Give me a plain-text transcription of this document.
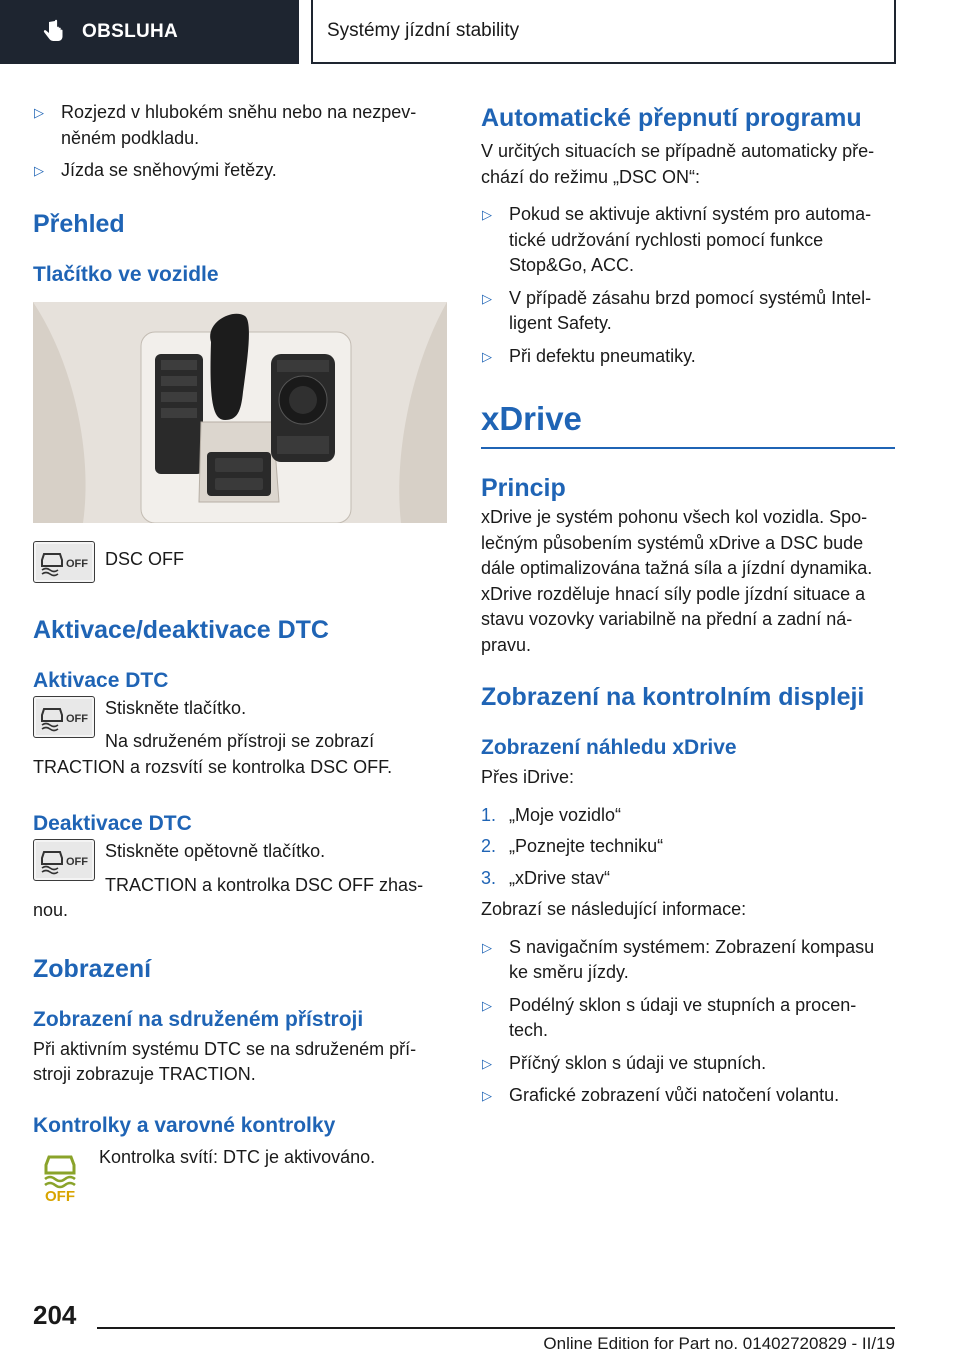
OBSLUHA	Systémy jízdní stability
▷ Rozjezd v hlubokém sněhu nebo na nezpev‐něném podkladu.
▷ Jízda se sněhovými řetězy.
Přehled
Tlačítko ve vozidle
OFF DSC OFF
Aktivace/deaktivace DTC
Aktivace DTC
OFF

Stiskněte tlačítko.

Na sdruženém přístroji se zobrazí

TRACTION a rozsvítí se kontrolka DSC OFF.

Deaktivace DTC
OFF

Stiskněte opětovně tlačítko.

TRACTION a kontrolka DSC OFF zhas‐

nou.

Zobrazení
Zobrazení na sdruženém přístroji

Při aktivním systému DTC se na sdruženém pří‐stroji zobrazuje TRACTION.

Kontrolky a varovné kontrolky
OFF

Kontrolka svítí: DTC je aktivováno.

Automatické přepnutí programu

V určitých situacích se případně automaticky pře‐chází do režimu „DSC ON“:

▷ Pokud se aktivuje aktivní systém pro automa‐tické udržování rychlosti pomocí funkce Stop&Go, ACC.
▷ V případě zásahu brzd pomocí systémů Intel‐ligent Safety.
▷ Při defektu pneumatiky.
xDrive
Princip

xDrive je systém pohonu všech kol vozidla. Spo‐lečným působením systémů xDrive a DSC bude dále optimalizována tažná síla a jízdní dynamika. xDrive rozděluje hnací síly podle jízdní situace a stavu vozovky variabilně na přední a zadní ná‐pravu.

Zobrazení na kontrolním displeji
Zobrazení náhledu xDrive

Přes iDrive:

1. „Moje vozidlo“
2. „Poznejte techniku“
3. „xDrive stav“

Zobrazí se následující informace:

▷ S navigačním systémem: Zobrazení kompasu ke směru jízdy.
▷ Podélný sklon s údaji ve stupních a procen‐tech.
▷ Příčný sklon s údaji ve stupních.
▷ Grafické zobrazení vůči natočení volantu.
204
Online Edition for Part no. 01402720829 - II/19
